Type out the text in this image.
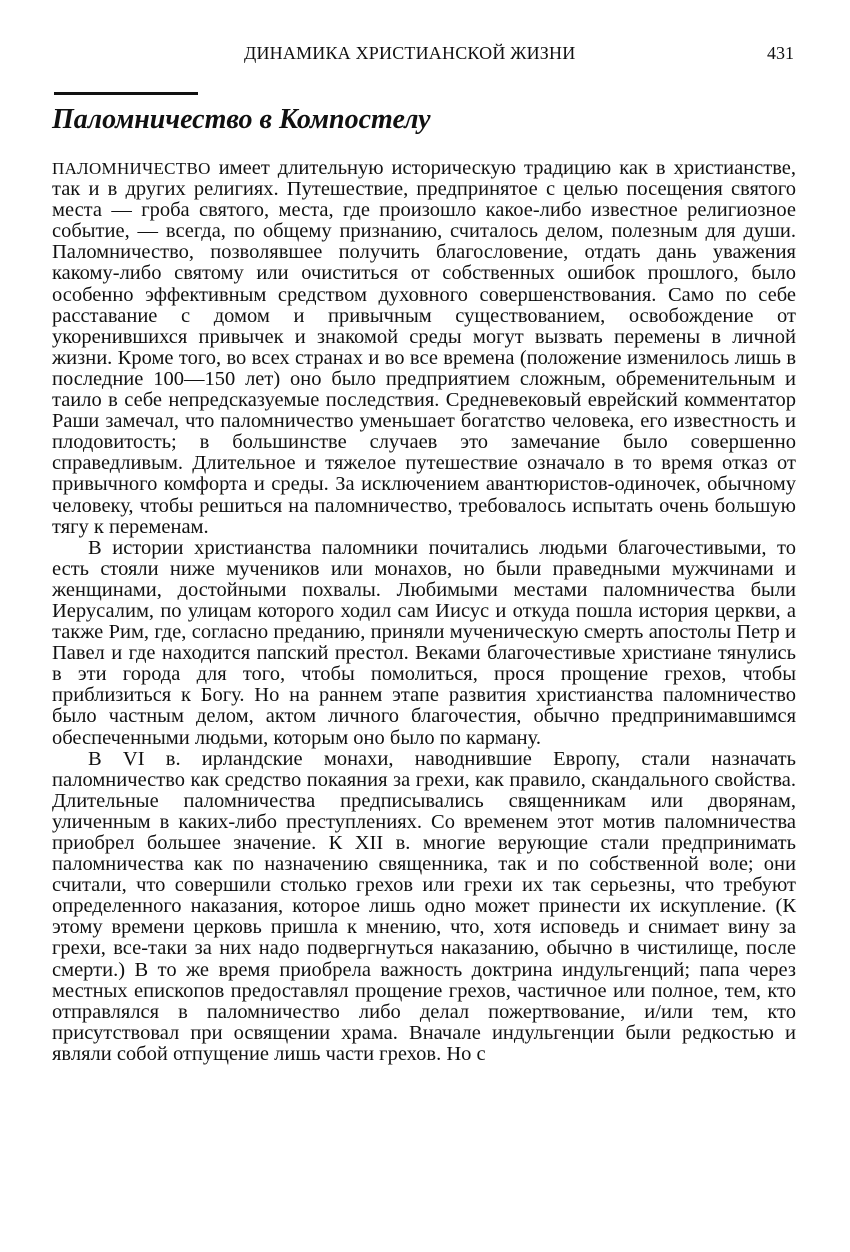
ДИНАМИКА ХРИСТИАНСКОЙ ЖИЗНИ	431
Паломничество в Компостелу

ПАЛОМНИЧЕСТВО имеет длительную историческую традицию как в христианстве, так и в других религиях. Путешествие, предпринятое с целью посещения святого места — гроба святого, места, где произошло какое-либо известное религиозное событие, — всегда, по общему признанию, считалось делом, полезным для души. Паломничество, позволявшее получить благословение, отдать дань уважения какому-либо святому или очиститься от собственных ошибок прошлого, было особенно эффективным средством духовного совершенствования. Само по себе расставание с домом и привычным существованием, освобождение от укоренившихся привычек и знакомой среды могут вызвать перемены в личной жизни. Кроме того, во всех странах и во все времена (положение изменилось лишь в последние 100—150 лет) оно было предприятием сложным, обременительным и таило в себе непредсказуемые последствия. Средневековый еврейский комментатор Раши замечал, что паломничество уменьшает богатство человека, его известность и плодовитость; в большинстве случаев это замечание было совершенно справедливым. Длительное и тяжелое путешествие означало в то время отказ от привычного комфорта и среды. За исключением авантюристов-одиночек, обычному человеку, чтобы решиться на паломничество, требовалось испытать очень большую тягу к переменам.

В истории христианства паломники почитались людьми благочестивыми, то есть стояли ниже мучеников или монахов, но были праведными мужчинами и женщинами, достойными похвалы. Любимыми местами паломничества были Иерусалим, по улицам которого ходил сам Иисус и откуда пошла история церкви, а также Рим, где, согласно преданию, приняли мученическую смерть апостолы Петр и Павел и где находится папский престол. Веками благочестивые христиане тянулись в эти города для того, чтобы помолиться, прося прощение грехов, чтобы приблизиться к Богу. Но на раннем этапе развития христианства паломничество было частным делом, актом личного благочестия, обычно предпринимавшимся обеспеченными людьми, которым оно было по карману.

В VI в. ирландские монахи, наводнившие Европу, стали назначать паломничество как средство покаяния за грехи, как правило, скандального свойства. Длительные паломничества предписывались священникам или дворянам, уличенным в каких-либо преступлениях. Со временем этот мотив паломничества приобрел большее значение. К XII в. многие верующие стали предпринимать паломничества как по назначению священника, так и по собственной воле; они считали, что совершили столько грехов или грехи их так серьезны, что требуют определенного наказания, которое лишь одно может принести их искупление. (К этому времени церковь пришла к мнению, что, хотя исповедь и снимает вину за грехи, все-таки за них надо подвергнуться наказанию, обычно в чистилище, после смерти.) В то же время приобрела важность доктрина индульгенций; папа через местных епископов предоставлял прощение грехов, частичное или полное, тем, кто отправлялся в паломничество либо делал пожертвование, и/или тем, кто присутствовал при освящении храма. Вначале индульгенции были редкостью и являли собой отпущение лишь части грехов. Но с
